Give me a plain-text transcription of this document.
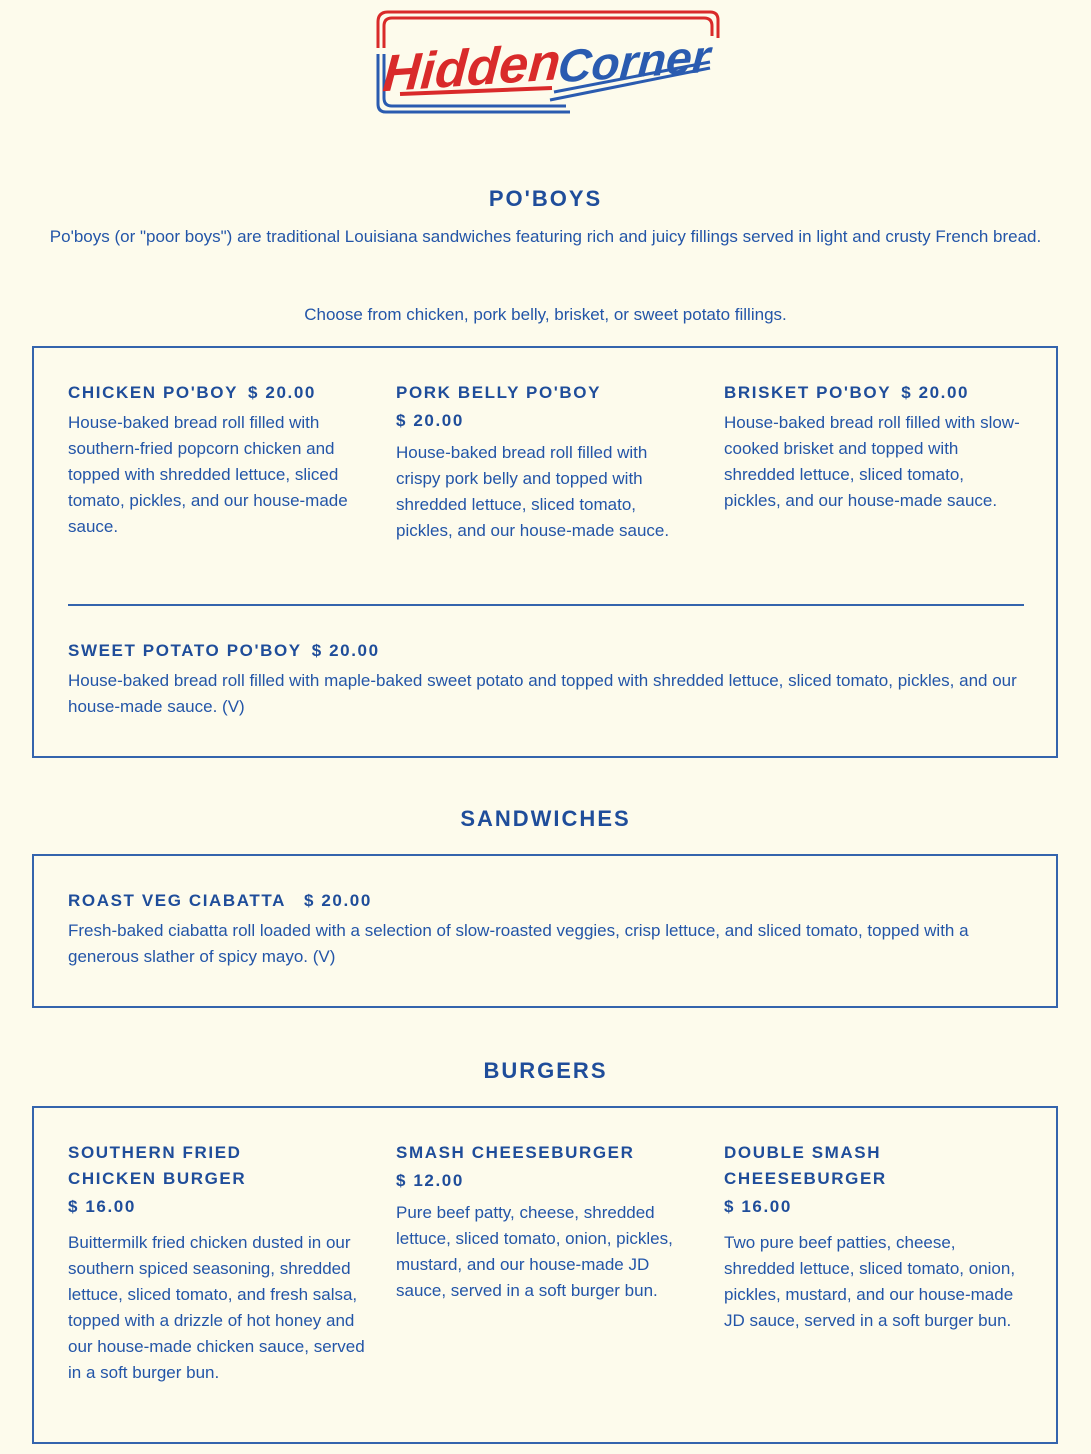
Hidden
Corner
PO'BOYS

Po'boys (or "poor boys") are traditional Louisiana sandwiches featuring rich and juicy fillings served in light and crusty French bread.

Choose from chicken, pork belly, brisket, or sweet potato fillings.

CHICKEN PO'BOY $ 20.00

House-baked bread roll filled with southern-fried popcorn chicken and topped with shredded lettuce, sliced tomato, pickles, and our house-made sauce.

PORK BELLY PO'BOY

$ 20.00

House-baked bread roll filled with crispy pork belly and topped with shredded lettuce, sliced tomato, pickles, and our house-made sauce.

BRISKET PO'BOY $ 20.00

House-baked bread roll filled with slow-cooked brisket and topped with shredded lettuce, sliced tomato, pickles, and our house-made sauce.

SWEET POTATO PO'BOY $ 20.00

House-baked bread roll filled with maple-baked sweet potato and topped with shredded lettuce, sliced tomato, pickles, and our house-made sauce. (V)

SANDWICHES

ROAST VEG CIABATTA $ 20.00

Fresh-baked ciabatta roll loaded with a selection of slow-roasted veggies, crisp lettuce, and sliced tomato, topped with a generous slather of spicy mayo. (V)

BURGERS

SOUTHERN FRIED CHICKEN BURGER

$ 16.00

Buittermilk fried chicken dusted in our southern spiced seasoning, shredded lettuce, sliced tomato, and fresh salsa, topped with a drizzle of hot honey and our house-made chicken sauce, served in a soft burger bun.

SMASH CHEESEBURGER

$ 12.00

Pure beef patty, cheese, shredded lettuce, sliced tomato, onion, pickles, mustard, and our house-made JD sauce, served in a soft burger bun.

DOUBLE SMASH CHEESEBURGER

$ 16.00

Two pure beef patties, cheese, shredded lettuce, sliced tomato, onion, pickles, mustard, and our house-made JD sauce, served in a soft burger bun.
